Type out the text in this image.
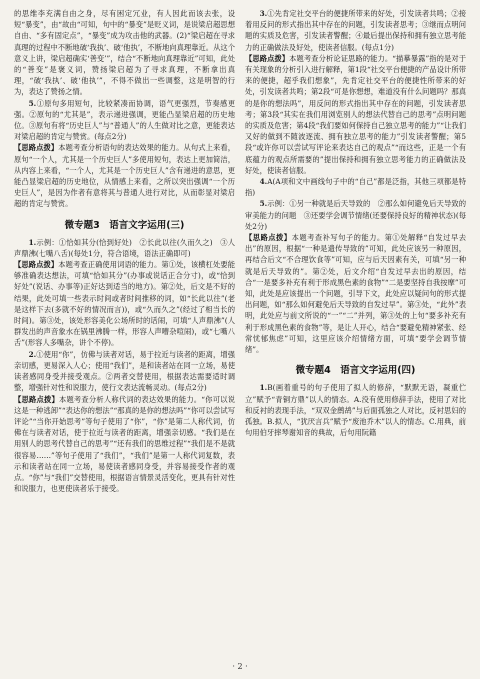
的思维李充满自由之身，尽有困定冗业，有人因此而该去张，设短“暴变”，由“故由“可知，句中的“暴变”是贬义词，是说梁启超思想自由、“多有固定点”，“暴变”成为攻击他的武器。(2)“梁启超在寻求真理的过程中不断地破‘我执’、破‘他执’，不断地向真理靠近。从这个意义上讲，梁启超确实‘善变’”，结合“不断地向真理靠近”可知，此处的“善变”是褒义词，赞扬梁启超为了寻求真理，不断拿出真理，“破‘我执’、破‘他执’”，不得不做出一些调整，这是明智的行为，表达了赞扬之情。

5.①原句多用短句，比较紧凑而协调，语气更强烈，节奏感更强。②原句的“尤其是”，表示递进强调，更能凸显梁启超的历史地位。③原句有将“历史巨人”与“普通人”的人生做对比之意，更能表达对梁启超的肯定与赞赏。(每点2分)

【思路点拨】本题考查分析语句的表达效果的能力。从句式上来看，原句“一个人，尤其是一个历史巨人”多使用短句，表达上更加简洁，从内容上来看，“一个人，尤其是一个历史巨人”含有递进的意思，更能凸显梁启超的历史地位，从情感上来看，之所以突出强调“一个历史巨人”，是因为作者有意将其与普通人进行对比，从而彰显对梁启超的肯定与赞赏。

微专题3　语言文字运用(三)

1.示例：①恰如其分(恰到好处)　②长此以往(久而久之)　③人声鼎沸(七嘴八舌)(每处1分，符合语境，语法正确即可)

【思路点拨】本题考查正确使用词语的能力。第①处，该横杠处要能够准确表达想法，可填“恰如其分”(办事或说话正合分寸)，或“恰到好处”(说话、办事等)正好达到适当的地方)。第②处，后文是不好的结果，此处可填一些表示时间或者时间推移的词，如“长此以往”(老是这样下去(多就不好的情况而言))，或“久而久之”(经过了相当长的时间)。第③处，该处形容美化公场所时的话闹，可填“人声鼎沸”(人群发出的声音象水在锅里沸腾一样，形容人声嘈杂喧闹)，或“七嘴八舌”(形容人多嘴杂，讲个不停)。

2.①使用“你”，仿佛与读者对话，易于拉近与读者的距离，增强亲切感，更易深入人心；使用“我们”，是和读者站在同一立场，易使读者感同身受并接受观点。②两者交替使用，根据表达需要适时调整，增强针对性和说服力，使行文表达流畅灵动。(每点2分)

【思路点拨】本题考查分析人称代词的表达效果的能力。“你可以说这是一种逃卸”“表达你的想法”“那真的是你的想法吗”“你可以尝试写评论”“当你开始思考”等句子使用了“你”，“你”是第二人称代词，仿佛在与读者对话，使于拉近与读者的距离，增强亲切感。“我们是在用别人的思考代替自己的思考”“还有我们的思维过程”“我们是不是就很容易……”等句子使用了“我们”，“我们”是第一人称代词复数，表示和读者站在同一立场，易使读者感同身受，并容易接受作者的观点。“你”与“我们”交替使用，根据语言情景灵活变化，更具有针对性和说服力，也更使读者乐于接受。

3.①先肯定社交平台的便捷所带来的好处，引发读者共鸣；②接着用反问的形式指出其中存在的问题，引发读者思考；③继而点明问题的实质及危害，引发读者警醒；④最后提出保持和拥有独立思考能力的正确做法及好处，使读者信服。(每点1分)

【思路点拨】本题考查分析论证思路的能力。“描摹暴露”指的是对于有关现象的分析引入进行解释，第1段“社交平台便捷的产品设计所带来的便捷，超乎我们想象”，先肯定社交平台的便捷性所带来的好处，引发读者共鸣；第2段“可是你想想，难道没有什么问题吗？那真的是你的想法吗”，用反问的形式指出其中存在的问题，引发读者思考；第3段“其实在我们用浏览别人的想法代替自己的思考”点明问题的实质及危害；第4段“我们要如何保持自己独立思考的能力”“让我们又好的做到不随波逐流、拥有独立思考的能力”引发读者警醒；第5段“或许你可以尝试写评论来表达自己的观点”“而这些，正是一个有底蕴力的观点所需要的”提出保持和拥有独立思考能力的正确做法及好处，使读者信服。

4.A(A项和文中画线句子中的“自己”都是泛指，其他三项都是特指)

5.示例：①另一种就是后天导致的　②那么如何避免后天导致的审美能力的问题　③还要学会调节情绪(还要保持良好的精神状态)(每处2分)

【思路点拨】本题考查补写句子的能力。第①处解释“自发过早去出”的原因，根据“一种是遗传导致的”可知，此处应该另一种原因，再结合后文“不合理饮食等”可知，应与后天因素有关，可填“另一种就是后天导致的”。第②处，后文介绍“自发过早去出的原因，结合“一是要多补充有利于形成黑色素的食物”“二是要坚持自我按摩”可知，此处是应该提出一个问题，引导下文，此处应以疑问句的形式提出问题，如“那么如何避免后天导致的自发过早”。第③处，“此外”表明，此处应与前文所说的“一”“二”并列，第③处的上句“要多补充有利于形成黑色素的食物”等，是让人开心，结合“要避免精神紧张、经常忧郁焦虑”可知，这里应该介绍情绪方面，可填“要学会调节情绪”。

微专题4　语言文字运用(四)

1.B(画着重号的句子使用了拟人的修辞，“默默无语，凝重伫立”赋予“青铜方鼎”以人的情态。A.没有使用修辞手法，使用了对比和反衬的表现手法，“双双金鹧鸪”与后面孤独之人对比，反衬思妇的孤独。B.拟人，“犹厌言兵”赋予“废池乔木”以人的情态。C.用典，前句用伯牙摔琴谢知音的典故，后句用阮籍

· 2 ·
